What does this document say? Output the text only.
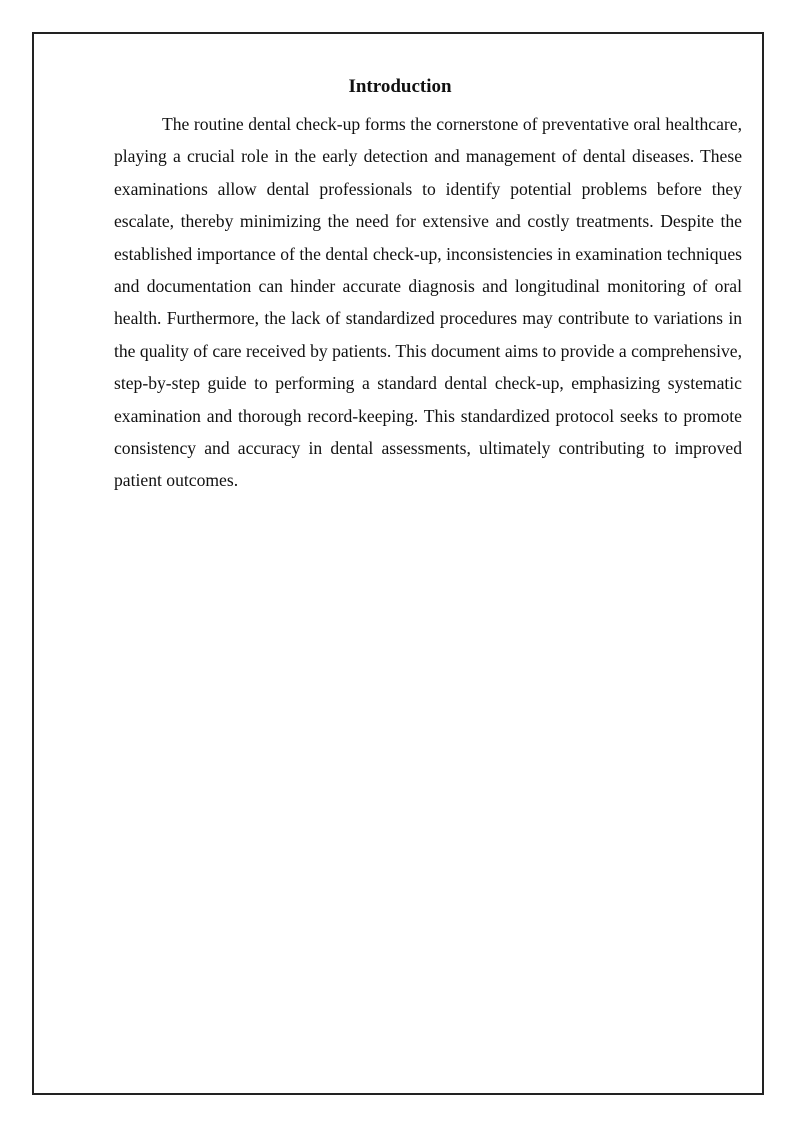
Introduction

The routine dental check-up forms the cornerstone of preventative oral healthcare, playing a crucial role in the early detection and management of dental diseases. These examinations allow dental professionals to identify potential problems before they escalate, thereby minimizing the need for extensive and costly treatments. Despite the established importance of the dental check-up, inconsistencies in examination techniques and documentation can hinder accurate diagnosis and longitudinal monitoring of oral health. Furthermore, the lack of standardized procedures may contribute to variations in the quality of care received by patients. This document aims to provide a comprehensive, step-by-step guide to performing a standard dental check-up, emphasizing systematic examination and thorough record-keeping. This standardized protocol seeks to promote consistency and accuracy in dental assessments, ultimately contributing to improved patient outcomes.
